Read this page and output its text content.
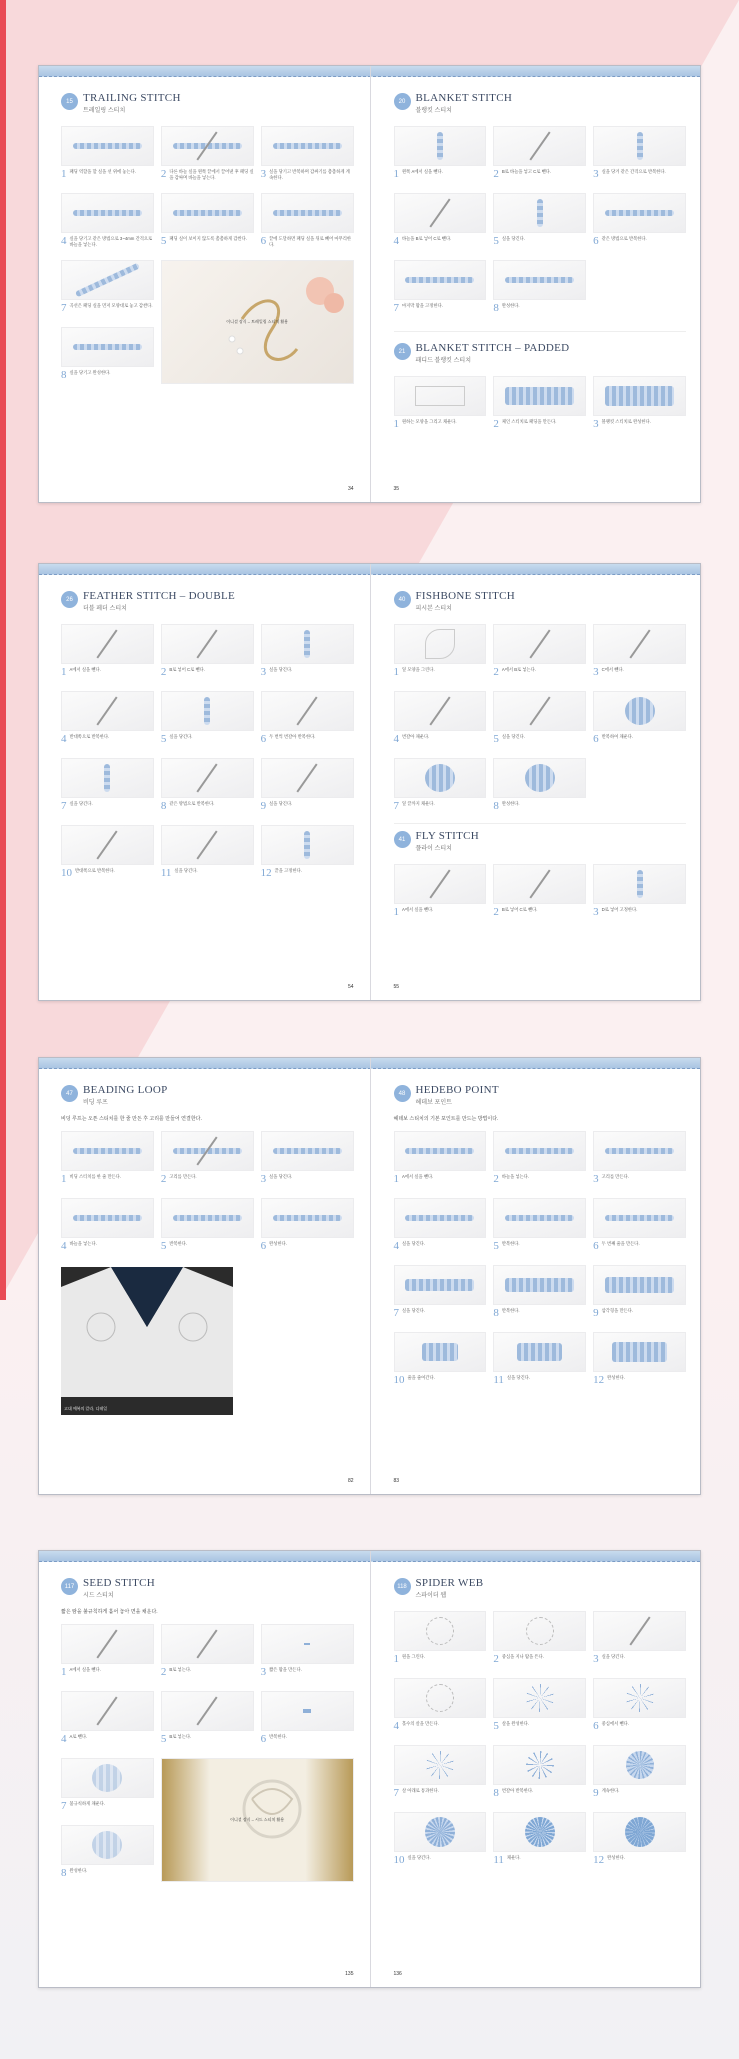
15 TRAILING STITCH
트레일링 스티치
1 패딩 역할을 할 실을 선 위에 놓는다. 2 다른 바늘 실을 왼쪽 끝에서 끌어낸 후 패딩 실을 감싸며 바늘을 넣는다.	3 실을 당기고 반복하며 감싸기를 촘촘하게 계속한다.
4 실을 당기고 같은 방법으로 3~4mm 간격으로 바늘을 넣는다.	5 패딩 실이 보이지 않도록 촘촘하게 감싼다. 6 끝에 도달하면 패딩 실을 뒤로 빼어 마무리한다.
7 곡선은 패딩 실을 먼저 모양대로 놓고 감싼다.
이니셜 장식 – 트레일링 스티치 활용
8 실을 당기고 완성한다.
34
20 BLANKET STITCH
블랭킷 스티치
1 왼쪽 A에서 실을 뺀다.	2 B로 바늘을 넣고 C로 뺀다.	3 실을 당겨 같은 간격으로 반복한다.
4 바늘을 B로 넣어 C로 뺀다.	5 실을 당긴다.	6 같은 방법으로 반복한다.
7 마지막 땀을 고정한다.	8 완성한다.
21 BLANKET STITCH – PADDED
패디드 블랭킷 스티치
1 원하는 모양을 그리고 채운다.	2 체인 스티치로 패딩을 만든다.	3 블랭킷 스티치로 완성한다.
35
26 FEATHER STITCH – DOUBLE
더블 페더 스티치
1 A에서 실을 뺀다.	2 B로 넣어 C로 뺀다.	3 실을 당긴다.
4 반대쪽으로 반복한다.	5 실을 당긴다.	6 두 번씩 번갈아 반복한다.
7 실을 당긴다.	8 같은 방법으로 반복한다.	9 실을 당긴다.
10 반대쪽으로 반복한다.	11 실을 당긴다.	12 끝을 고정한다.
54
40 FISHBONE STITCH
피시본 스티치
1 잎 모양을 그린다.	2 A에서 B로 넣는다.	3 C에서 뺀다.
4 번갈아 채운다.	5 실을 당긴다.	6 반복하여 채운다.
7 잎 끝까지 채운다.	8 완성한다.
41 FLY STITCH
플라이 스티치
1 A에서 실을 뺀다.	2 B로 넣어 C로 뺀다.	3 D로 넣어 고정한다.
55
47 BEADING LOOP
비딩 루프
비딩 루프는 오픈 스티치를 한 줄 만든 후 고리를 만들어 연결한다.
1 비딩 스티치를 한 줄 만든다.	2 고리를 만든다.	3 실을 당긴다.
4 바늘을 넣는다.	5 반복한다.	6 완성한다.
고대 예복의 칼라, 디테일
82
48 HEDEBO POINT
헤데보 포인트
헤데보 스티치의 기본 포인트를 만드는 방법이다.
1 A에서 실을 뺀다.	2 바늘을 넣는다.	3 고리를 만든다.
4 실을 당긴다.	5 반복한다.	6 두 번째 줄을 만든다.
7 실을 당긴다.	8 반복한다.	9 삼각형을 만든다.
10 줄을 줄여간다.	11 실을 당긴다.	12 완성한다.
83
117 SEED STITCH
시드 스티치
짧은 땀을 불규칙하게 흩어 놓아 면을 채운다.
1 A에서 실을 뺀다.	2 B로 넣는다.	3 짧은 땀을 만든다.
4 A로 뺀다.	5 B로 넣는다.	6 반복한다.
7 불규칙하게 채운다.
이니셜 장식 – 시드 스티치 활용
8 완성한다.
135
118 SPIDER WEB
스파이더 웹
1 원을 그린다.	2 중심을 지나 땀을 뜬다.	3 실을 당긴다.
4 홀수의 살을 만든다.	5 살을 완성한다.	6 중심에서 뺀다.
7 살 아래로 통과한다.	8 번갈아 반복한다.	9 계속한다.
10 실을 당긴다.	11 채운다.	12 완성한다.
136
